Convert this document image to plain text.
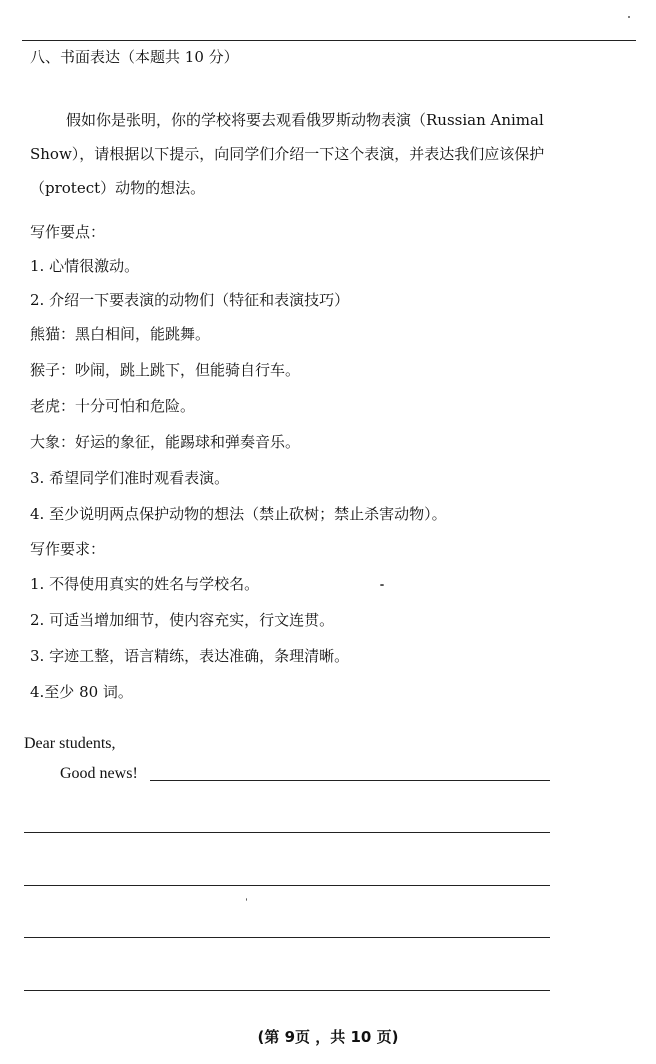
八、书面表达（本题共 10 分）
假如你是张明，你的学校将要去观看俄罗斯动物表演（Russian Animal
Show），请根据以下提示，向同学们介绍一下这个表演，并表达我们应该保护
（protect）动物的想法。
写作要点：
1. 心情很激动。
2. 介绍一下要表演的动物们（特征和表演技巧）
熊猫：黑白相间，能跳舞。
猴子：吵闹，跳上跳下，但能骑自行车。
老虎：十分可怕和危险。
大象：好运的象征，能踢球和弹奏音乐。
3. 希望同学们准时观看表演。
4. 至少说明两点保护动物的想法（禁止砍树；禁止杀害动物）。
写作要求：
1. 不得使用真实的姓名与学校名。
2. 可适当增加细节，使内容充实，行文连贯。
3. 字迹工整，语言精练，表达准确，条理清晰。
4.至少 80 词。
Dear students,
Good news!
(第 9页 ，共 10 页)
